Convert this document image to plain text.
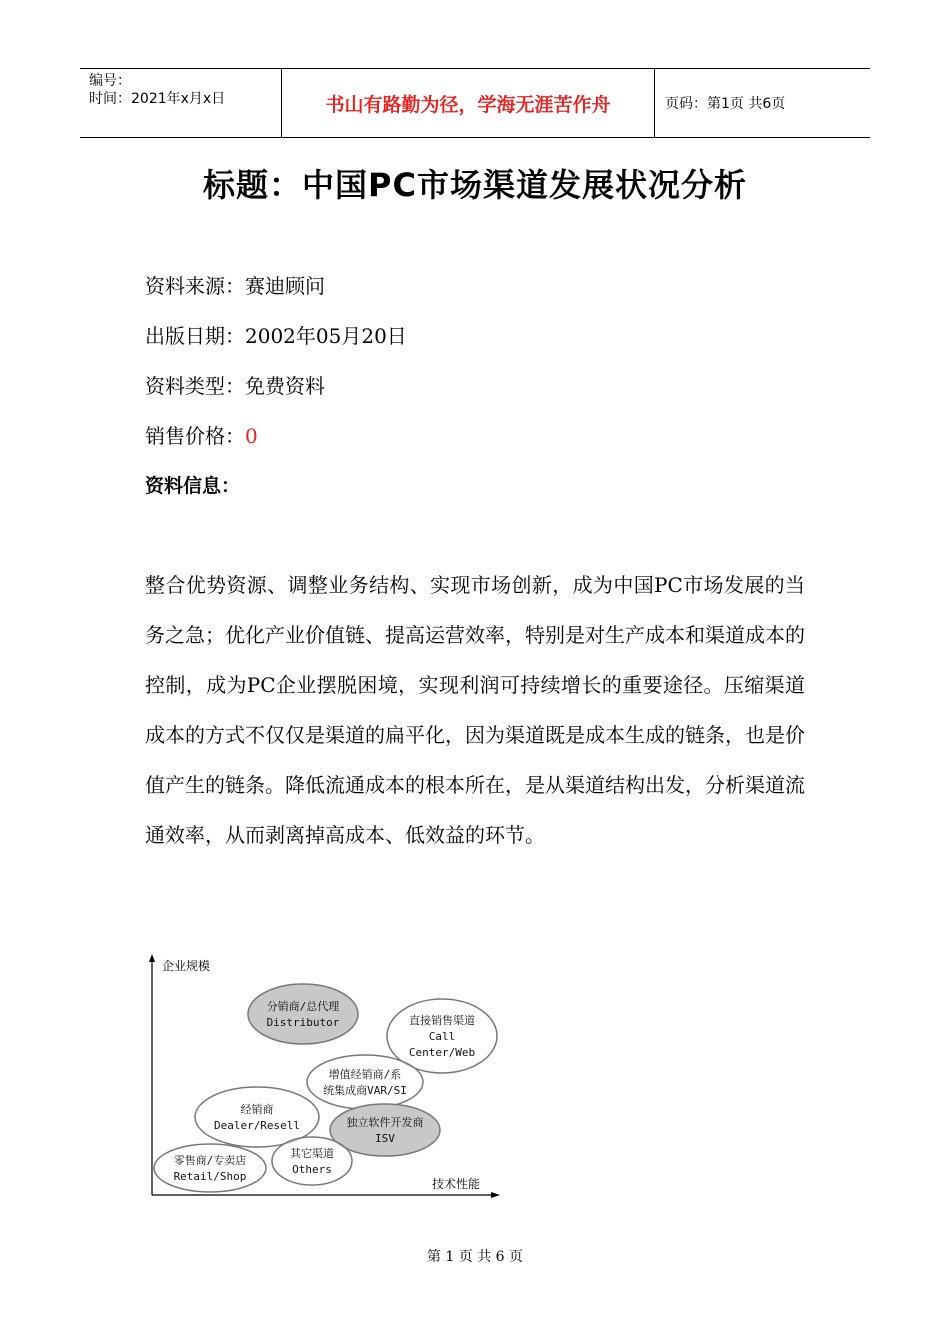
编号：
时间：2021年x月x日	书山有路勤为径，学海无涯苦作舟	页码：第1页 共6页
标题：中国PC市场渠道发展状况分析
资料来源：赛迪顾问
出版日期：2002年05月20日
资料类型：免费资料
销售价格：0
资料信息：
整合优势资源、调整业务结构、实现市场创新，成为中国PC市场发展的当务之急；优化产业价值链、提高运营效率，特别是对生产成本和渠道成本的控制，成为PC企业摆脱困境，实现利润可持续增长的重要途径。压缩渠道成本的方式不仅仅是渠道的扁平化，因为渠道既是成本生成的链条，也是价值产生的链条。降低流通成本的根本所在，是从渠道结构出发，分析渠道流通效率，从而剥离掉高成本、低效益的环节。
企业规模
技术性能
分销商/总代理
Distributor	直接销售渠道
Call
Center/Web
增值经销商/系
统集成商VAR/SI
经销商
Dealer/Resell	独立软件开发商
ISV
其它渠道
Others
零售商/专卖店
Retail/Shop
第 1 页 共 6 页
